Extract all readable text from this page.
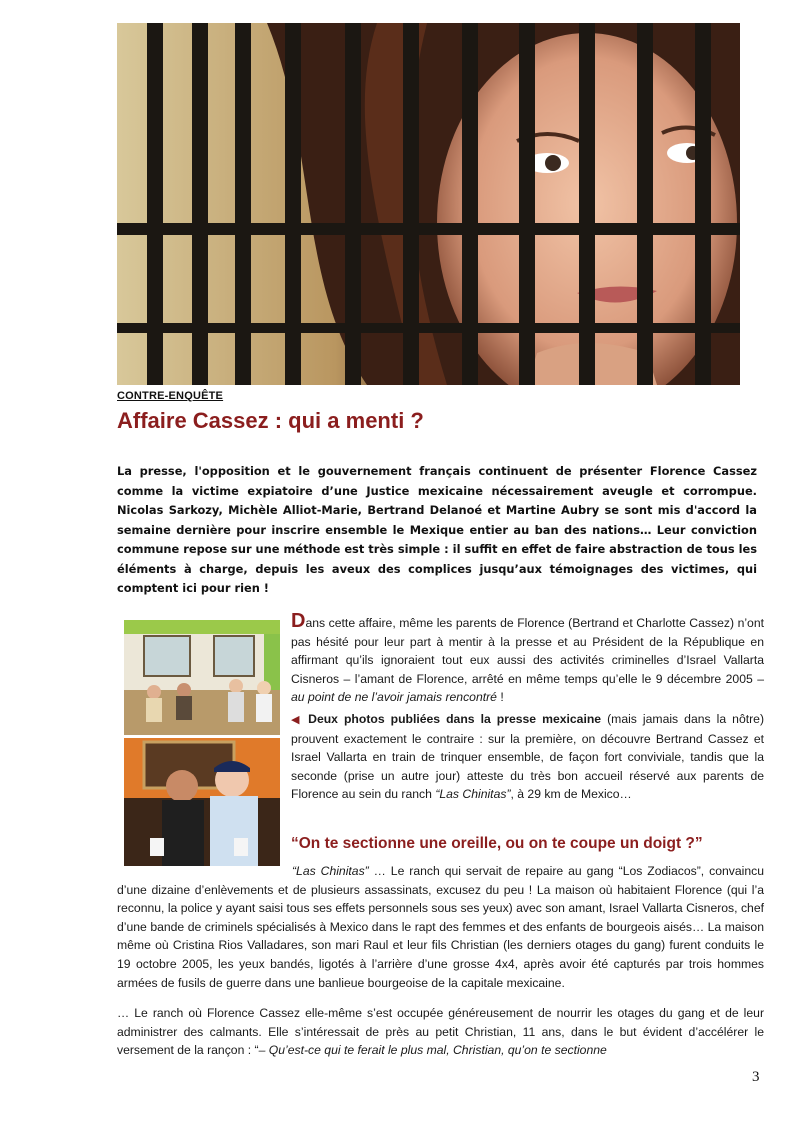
CONTRE-ENQUÊTE
Affaire Cassez : qui a menti ?
La presse, l'opposition et le gouvernement français continuent de présenter Florence Cassez comme la victime expiatoire d’une Justice mexicaine nécessairement aveugle et corrompue. Nicolas Sarkozy, Michèle Alliot-Marie, Bertrand Delanoé et Martine Aubry se sont mis d'accord la semaine dernière pour inscrire ensemble le Mexique entier au ban des nations… Leur conviction commune repose sur une méthode est très simple : il suffit en effet de faire abstraction de tous les éléments à charge, depuis les aveux des complices jusqu’aux témoignages des victimes, qui comptent ici pour rien !
Dans cette affaire, même les parents de Florence (Bertrand et Charlotte Cassez) n’ont pas hésité pour leur part à mentir à la presse et au Président de la République en affirmant qu’ils ignoraient tout eux aussi des activités criminelles d’Israel Vallarta Cisneros – l’amant de Florence, arrêté en même temps qu’elle le 9 décembre 2005 – au point de ne l’avoir jamais rencontré !
◀ Deux photos publiées dans la presse mexicaine (mais jamais dans la nôtre) prouvent exactement le contraire : sur la première, on découvre Bertrand Cassez et Israel Vallarta en train de trinquer ensemble, de façon fort conviviale, tandis que la seconde (prise un autre jour) atteste du très bon accueil réservé aux parents de Florence au sein du ranch “Las Chinitas”, à 29 km de Mexico…
“On te sectionne une oreille, ou on te coupe un doigt ?”
“Las Chinitas” … Le ranch qui servait de repaire au gang “Los Zodiacos”, convaincu d’une dizaine d’enlèvements et de plusieurs assassinats, excusez du peu ! La maison où habitaient Florence (qui l’a reconnu, la police y ayant saisi tous ses effets personnels sous ses yeux) avec son amant, Israel Vallarta Cisneros, chef d’une bande de criminels spécialisés à Mexico dans le rapt des femmes et des enfants de bourgeois aisés… La maison même où Cristina Rios Valladares, son mari Raul et leur fils Christian (les derniers otages du gang) furent conduits le 19 octobre 2005, les yeux bandés, ligotés à l’arrière d’une grosse 4x4, après avoir été capturés par trois hommes armées de fusils de guerre dans une banlieue bourgeoise de la capitale mexicaine.
… Le ranch où Florence Cassez elle-même s’est occupée généreusement de nourrir les otages du gang et de leur administrer des calmants. Elle s’intéressait de près au petit Christian, 11 ans, dans le but évident d’accélérer le versement de la rançon : “– Qu’est-ce qui te ferait le plus mal, Christian, qu’on te sectionne
3
